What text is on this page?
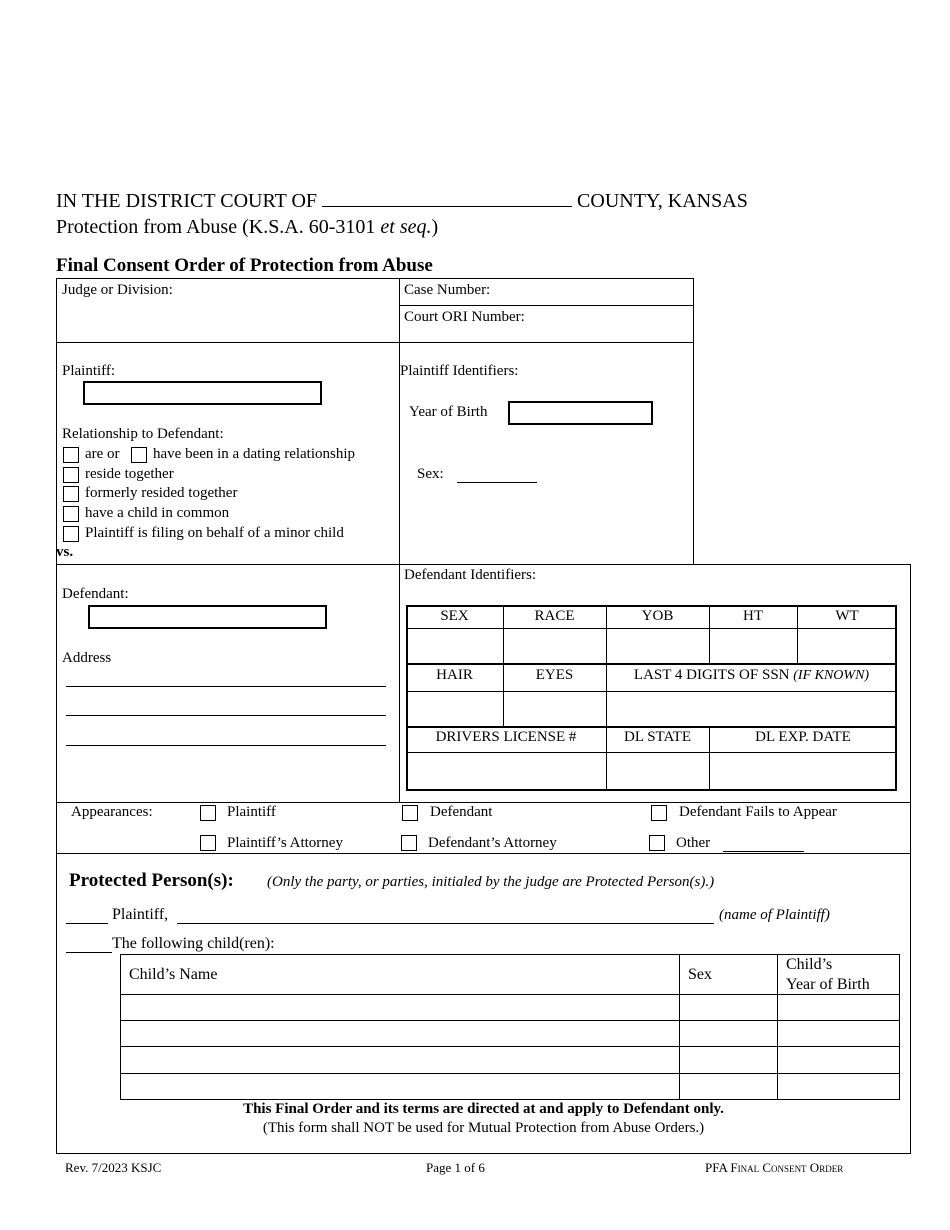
IN THE DISTRICT COURT OF	COUNTY, KANSAS
Protection from Abuse (K.S.A. 60-3101 et seq.)
Final Consent Order of Protection from Abuse
Judge or Division:	Case Number:
Court ORI Number:
Plaintiff:
Relationship to Defendant:
are or have been in a dating relationship
reside together
formerly resided together
have a child in common
Plaintiff is filing on behalf of a minor child
vs.
Plaintiff Identifiers:
Year of Birth
Sex:
Defendant:
Address
Defendant Identifiers:
SEX	RACE	YOB	HT	WT
HAIR	EYES	LAST 4 DIGITS OF SSN (IF KNOWN)
DRIVERS LICENSE #	DL STATE	DL EXP. DATE
Appearances:	Plaintiff	Defendant	Defendant Fails to Appear
Plaintiff’s Attorney	Defendant’s Attorney	Other
Protected Person(s): (Only the party, or parties, initialed by the judge are Protected Person(s).)
Plaintiff,	(name of Plaintiff)
The following child(ren):
Child’s Name	Sex
Child’s
Year of Birth
This Final Order and its terms are directed at and apply to Defendant only.
(This form shall NOT be used for Mutual Protection from Abuse Orders.)
Rev. 7/2023 KSJC	Page 1 of 6	PFA Final Consent Order
